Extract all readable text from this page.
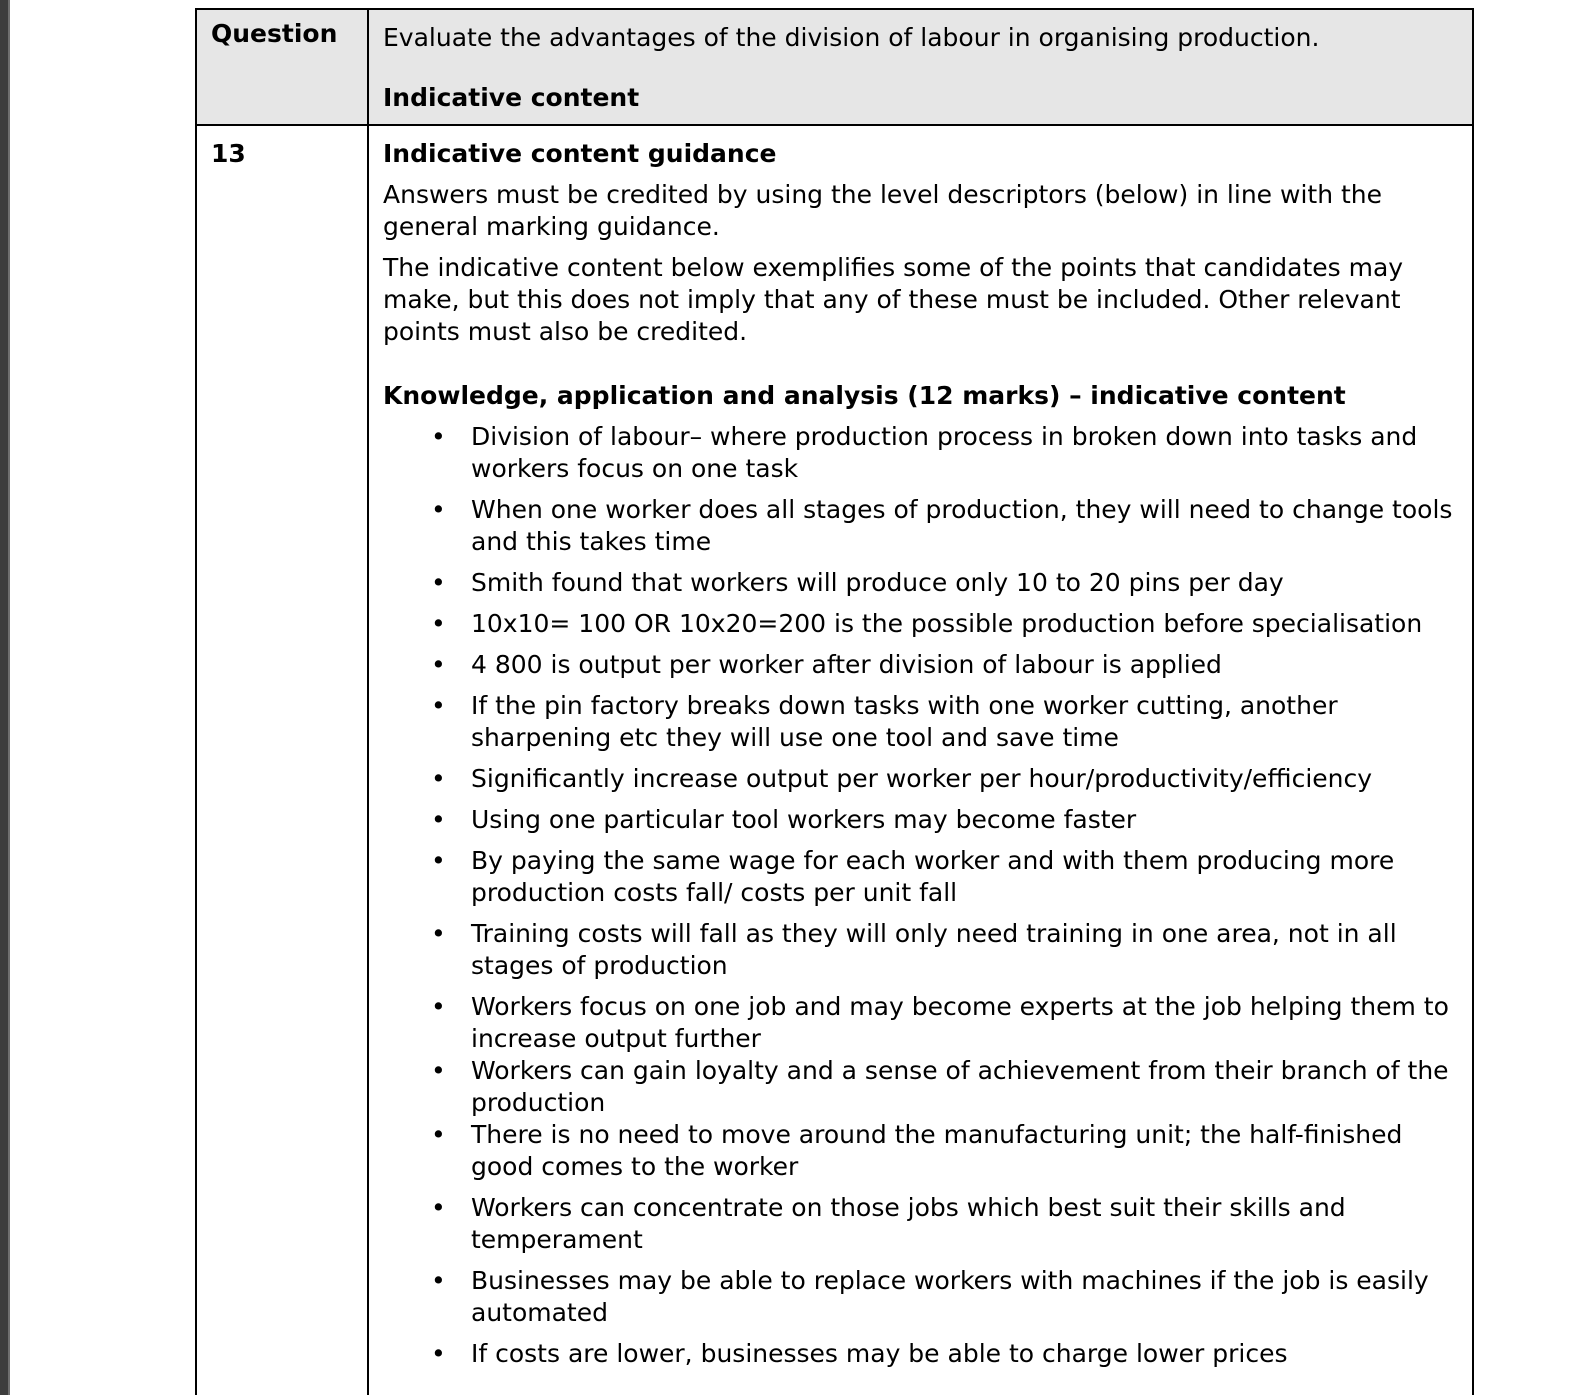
Question	Evaluate the advantages of the division of labour in organising production.
Indicative content
13	Indicative content guidance
Answers must be credited by using the level descriptors (below) in line with the general marking guidance.
The indicative content below exemplifies some of the points that candidates may make, but this does not imply that any of these must be included. Other relevant points must also be credited.
Knowledge, application and analysis (12 marks) – indicative content
• Division of labour– where production process in broken down into tasks and workers focus on one task
• When one worker does all stages of production, they will need to change tools and this takes time
• Smith found that workers will produce only 10 to 20 pins per day
• 10x10= 100 OR 10x20=200 is the possible production before specialisation
• 4 800 is output per worker after division of labour is applied
• If the pin factory breaks down tasks with one worker cutting, another sharpening etc they will use one tool and save time
• Significantly increase output per worker per hour/productivity/efficiency
• Using one particular tool workers may become faster
• By paying the same wage for each worker and with them producing more production costs fall/ costs per unit fall
• Training costs will fall as they will only need training in one area, not in all stages of production
• Workers focus on one job and may become experts at the job helping them to increase output further
• Workers can gain loyalty and a sense of achievement from their branch of the production
• There is no need to move around the manufacturing unit; the half-finished good comes to the worker
• Workers can concentrate on those jobs which best suit their skills and temperament
• Businesses may be able to replace workers with machines if the job is easily automated
• If costs are lower, businesses may be able to charge lower prices
